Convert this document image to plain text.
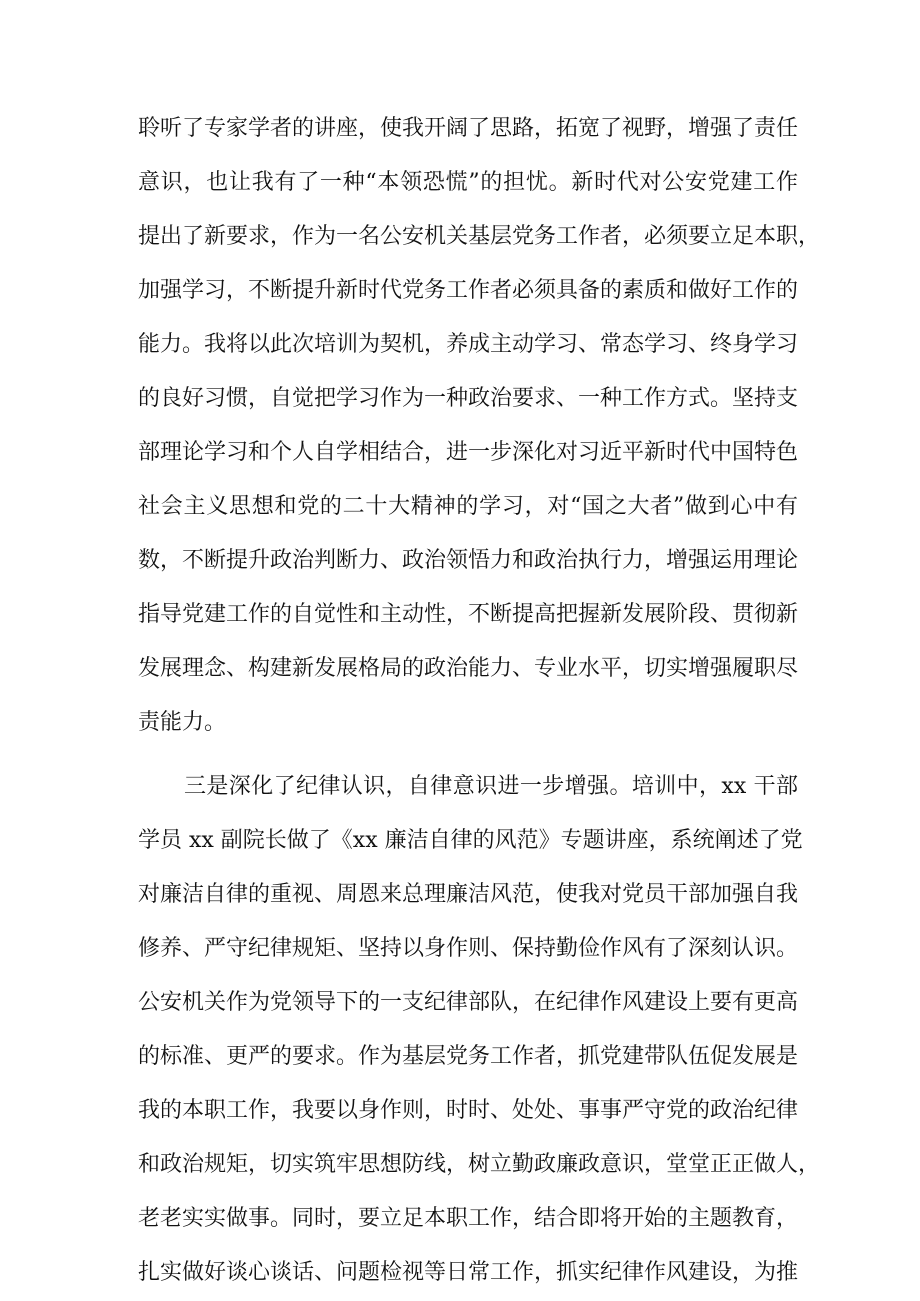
聆听了专家学者的讲座，使我开阔了思路，拓宽了视野，增强了责任

意识，也让我有了一种“本领恐慌”的担忧。新时代对公安党建工作

提出了新要求，作为一名公安机关基层党务工作者，必须要立足本职，

加强学习，不断提升新时代党务工作者必须具备的素质和做好工作的

能力。我将以此次培训为契机，养成主动学习、常态学习、终身学习

的良好习惯，自觉把学习作为一种政治要求、一种工作方式。坚持支

部理论学习和个人自学相结合，进一步深化对习近平新时代中国特色

社会主义思想和党的二十大精神的学习，对“国之大者”做到心中有

数，不断提升政治判断力、政治领悟力和政治执行力，增强运用理论

指导党建工作的自觉性和主动性，不断提高把握新发展阶段、贯彻新

发展理念、构建新发展格局的政治能力、专业水平，切实增强履职尽

责能力。

三是深化了纪律认识，自律意识进一步增强。培训中，xx 干部

学员 xx 副院长做了《xx 廉洁自律的风范》专题讲座，系统阐述了党

对廉洁自律的重视、周恩来总理廉洁风范，使我对党员干部加强自我

修养、严守纪律规矩、坚持以身作则、保持勤俭作风有了深刻认识。

公安机关作为党领导下的一支纪律部队，在纪律作风建设上要有更高

的标准、更严的要求。作为基层党务工作者，抓党建带队伍促发展是

我的本职工作，我要以身作则，时时、处处、事事严守党的政治纪律

和政治规矩，切实筑牢思想防线，树立勤政廉政意识，堂堂正正做人，

老老实实做事。同时，要立足本职工作，结合即将开始的主题教育，

扎实做好谈心谈话、问题检视等日常工作，抓实纪律作风建设，为推
